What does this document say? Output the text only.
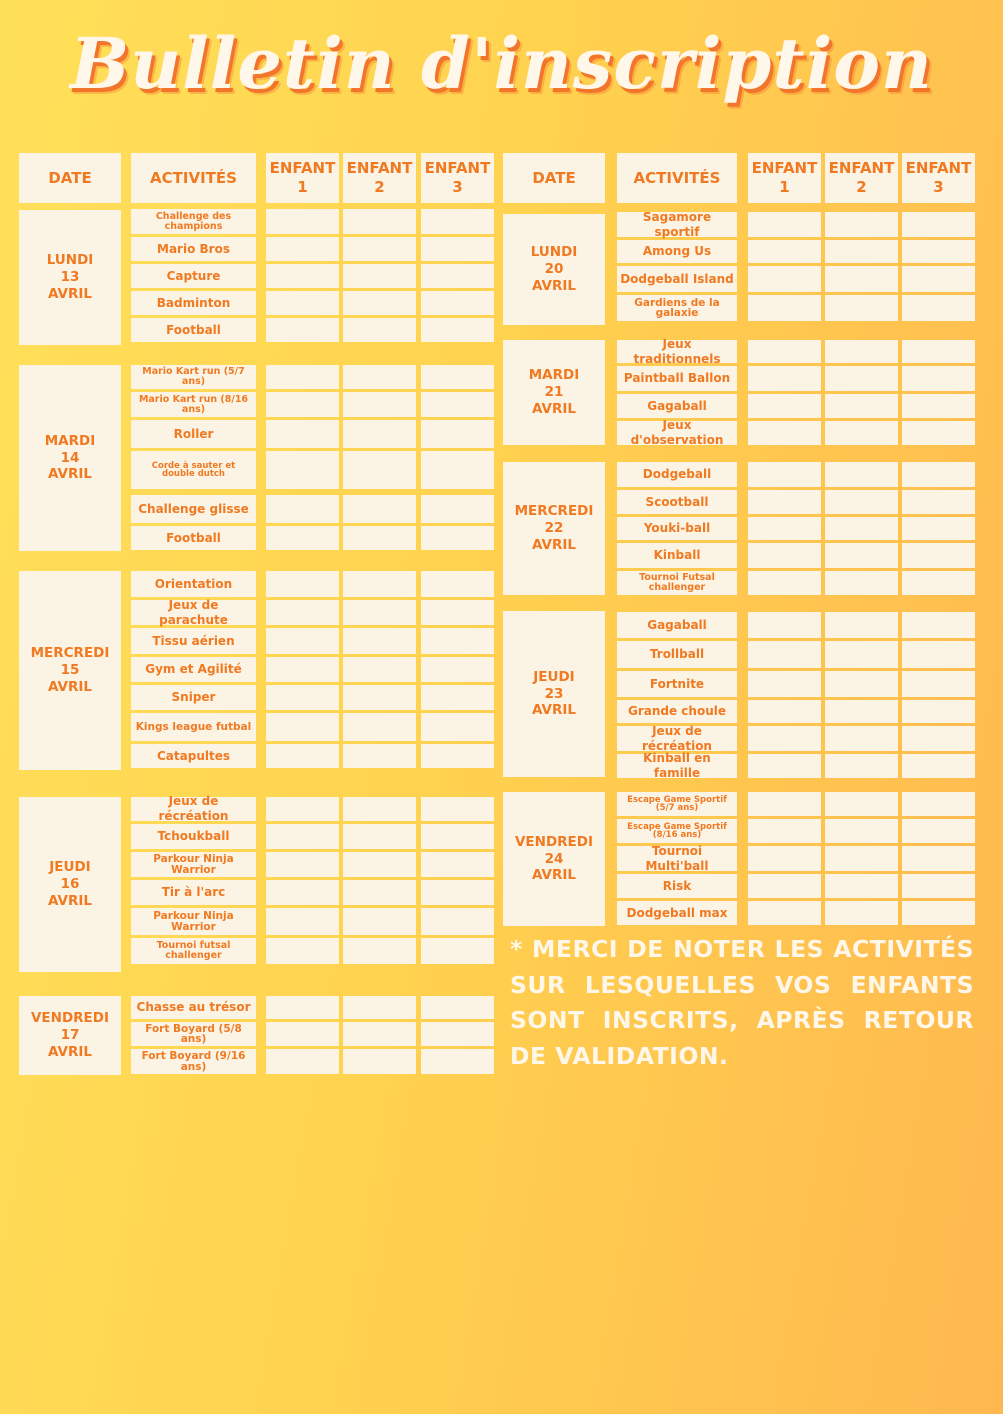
Bulletin d'inscription
DATE	ACTIVITÉS
ENFANT 1
ENFANT 2
ENFANT 3
DATE	ACTIVITÉS
ENFANT 1
ENFANT 2
ENFANT 3
LUNDI
13
AVRIL
Challenge des champions
Mario Bros
Capture
Badminton
Football
MARDI
14
AVRIL
Mario Kart run (5/7 ans)
Mario Kart run (8/16 ans)
Roller
Corde à sauter et double dutch
Challenge glisse
Football
MERCREDI
15
AVRIL
Orientation
Jeux de parachute
Tissu aérien
Gym et Agilité
Sniper
Kings league futbal
Catapultes
JEUDI
16
AVRIL
Jeux de récréation
Tchoukball
Parkour Ninja Warrior
Tir à l'arc
Parkour Ninja Warrior
Tournoi futsal challenger
VENDREDI
17
AVRIL
Chasse au trésor
Fort Boyard (5/8 ans)
Fort Boyard (9/16 ans)
LUNDI
20
AVRIL
Sagamore sportif
Among Us
Dodgeball Island
Gardiens de la galaxie
MARDI
21
AVRIL
Jeux traditionnels
Paintball Ballon
Gagaball
Jeux d'observation
MERCREDI
22
AVRIL
Dodgeball
Scootball
Youki-ball
Kinball
Tournoi Futsal challenger
JEUDI
23
AVRIL
Gagaball
Trollball
Fortnite
Grande choule
Jeux de récréation
Kinball en famille
VENDREDI
24
AVRIL
Escape Game Sportif (5/7 ans)
Escape Game Sportif (8/16 ans)
Tournoi Multi'ball
Risk
Dodgeball max
* MERCI DE NOTER LES ACTIVITÉS SUR LESQUELLES VOS ENFANTS SONT INSCRITS, APRÈS RETOUR DE VALIDATION.
